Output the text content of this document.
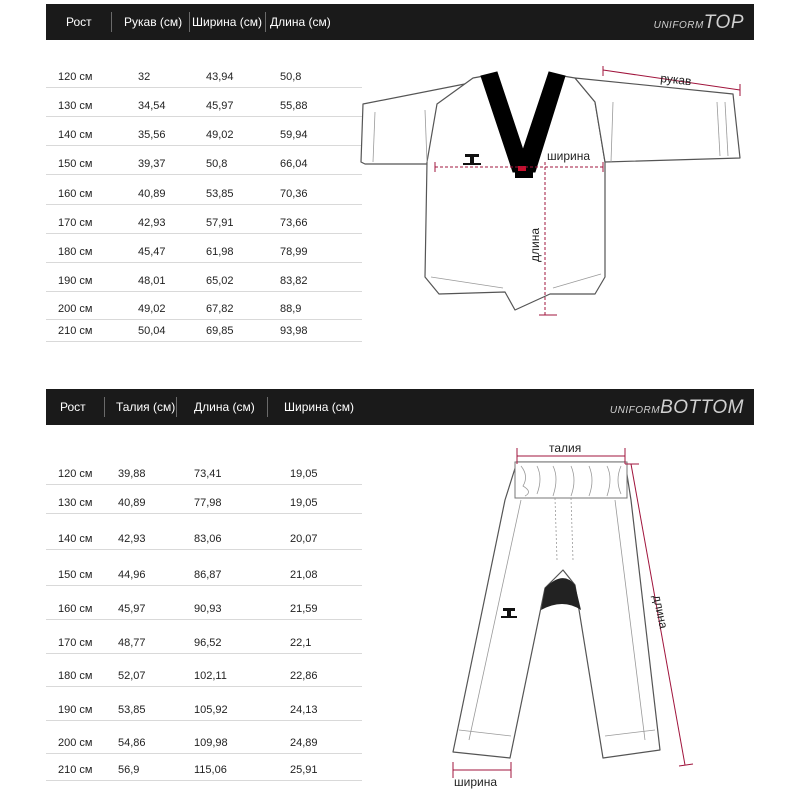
Рост	Рукав (см) Ширина (см) Длина (см)	UNIFORMTOP
120 см	32	43,94	50,8
130 см	34,54	45,97	55,88
140 см	35,56	49,02	59,94
150 см	39,37	50,8	66,04
160 см	40,89	53,85	70,36
170 см	42,93	57,91	73,66
180 см	45,47	61,98	78,99
190 см	48,01	65,02	83,82
200 см	49,02	67,82	88,9
210 см	50,04	69,85	93,98
рукав
ширина
длина
Рост	Талия (см) Длина (см) Ширина (см)	UNIFORMBOTTOM
120 см 39,88	73,41	19,05
130 см 40,89	77,98	19,05
140 см 42,93	83,06	20,07
150 см 44,96	86,87	21,08
160 см 45,97	90,93	21,59
170 см 48,77	96,52	22,1
180 см 52,07	102,11	22,86
190 см 53,85	105,92	24,13
200 см 54,86	109,98	24,89
210 см 56,9	115,06	25,91
талия
длина
ширина
